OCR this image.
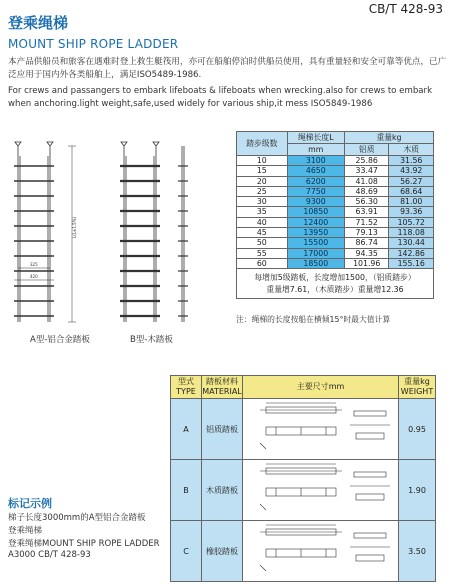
CB/T 428-93
登乘绳梯
MOUNT SHIP ROPE LADDER
本产品供船员和旅客在遇难时登上救生艇筏用，亦可在船舶停泊时供船员使用，具有重量轻和安全可靠等优点，已广泛应用于国内外各类船舶上，满足ISO5489-1986.
For crews and passangers to embark lifeboats & lifeboats when wrecking.also for crews to embark when anchoring.light weight,safe,used widely for various ship,it mess ISO5849-1986
L(L±1.5%)
325
420
A型-铝合金踏板	B型-木踏板
踏步级数	绳梯长度L	重量kg	
	mm	铝质	木质
10	3100	25.86	31.56
15	4650	33.47	43.92
20	6200	41.08	56.27
25	7750	48.69	68.64
30	9300	56.30	81.00
35	10850	63.91	93.36
40	12400	71.52	105.72
45	13950	79.13	118.08
50	15500	86.74	130.44
55	17000	94.35	142.86
60	18500	101.96	155.16

每增加5级踏板，长度增加1500，（铝质踏步）
重量增7.61，（木质踏步）重量增12.36			
注：绳梯的长度按船在横倾15°时最大值计算
型式
TYPE	踏板材料
MATERIAL	主要尺寸mm	重量kg
WEIGHT
A	铝质踏板		0.95
B	木质踏板		1.90
C	橡胶踏板		3.50
标记示例
梯子长度3000mm的A型铝合金踏板
登乘绳梯
登乘绳梯MOUNT SHIP ROPE LADDER
A3000 CB/T 428-93
